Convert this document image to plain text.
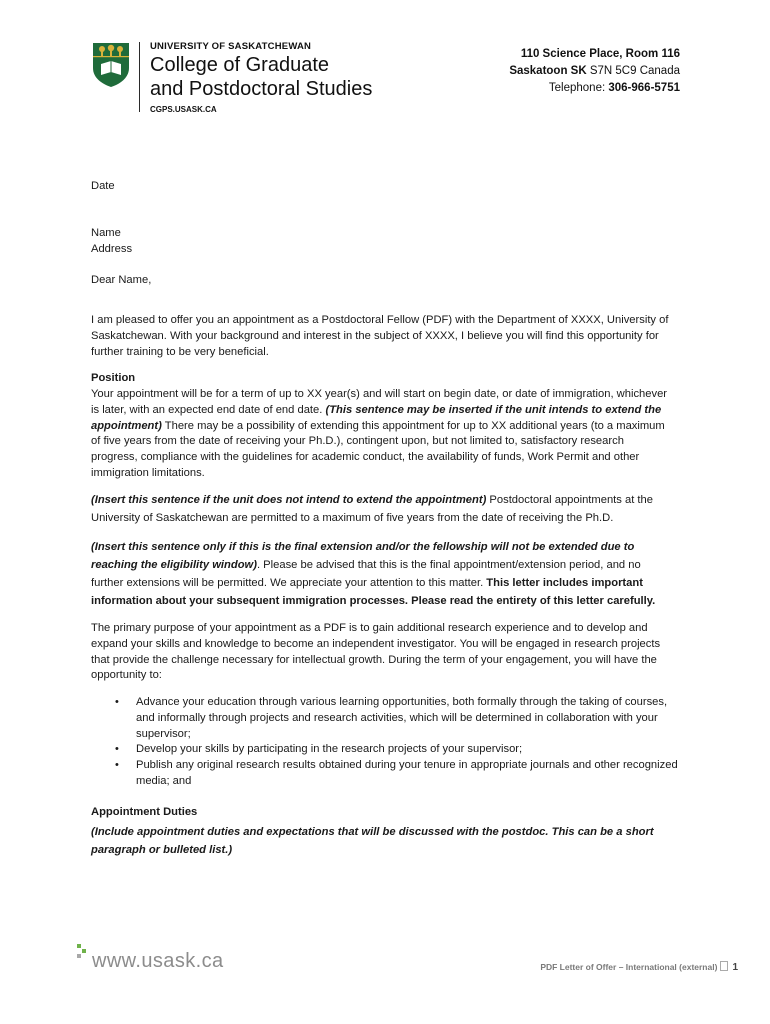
UNIVERSITY OF SASKATCHEWAN
College of Graduate
and Postdoctoral Studies
CGPS.USASK.CA
110 Science Place, Room 116
Saskatoon SK S7N 5C9 Canada
Telephone: 306-966-5751
Date
Name
Address
Dear Name,
I am pleased to offer you an appointment as a Postdoctoral Fellow (PDF) with the Department of XXXX, University of Saskatchewan. With your background and interest in the subject of XXXX, I believe you will find this opportunity for further training to be very beneficial.
Position
Your appointment will be for a term of up to XX year(s) and will start on begin date, or date of immigration, whichever is later, with an expected end date of end date. (This sentence may be inserted if the unit intends to extend the appointment) There may be a possibility of extending this appointment for up to XX additional years (to a maximum of five years from the date of receiving your Ph.D.), contingent upon, but not limited to, satisfactory research progress, compliance with the guidelines for academic conduct, the availability of funds, Work Permit and other immigration limitations.
(Insert this sentence if the unit does not intend to extend the appointment) Postdoctoral appointments at the University of Saskatchewan are permitted to a maximum of five years from the date of receiving the Ph.D.
(Insert this sentence only if this is the final extension and/or the fellowship will not be extended due to reaching the eligibility window). Please be advised that this is the final appointment/extension period, and no further extensions will be permitted. We appreciate your attention to this matter. This letter includes important information about your subsequent immigration processes. Please read the entirety of this letter carefully.
The primary purpose of your appointment as a PDF is to gain additional research experience and to develop and expand your skills and knowledge to become an independent investigator. You will be engaged in research projects that provide the challenge necessary for intellectual growth. During the term of your engagement, you will have the opportunity to:
• Advance your education through various learning opportunities, both formally through the taking of courses, and informally through projects and research activities, which will be determined in collaboration with your supervisor;
• Develop your skills by participating in the research projects of your supervisor;
• Publish any original research results obtained during your tenure in appropriate journals and other recognized media; and
Appointment Duties
(Include appointment duties and expectations that will be discussed with the postdoc. This can be a short paragraph or bulleted list.)
www.usask.ca	PDF Letter of Offer – International (external) 1
